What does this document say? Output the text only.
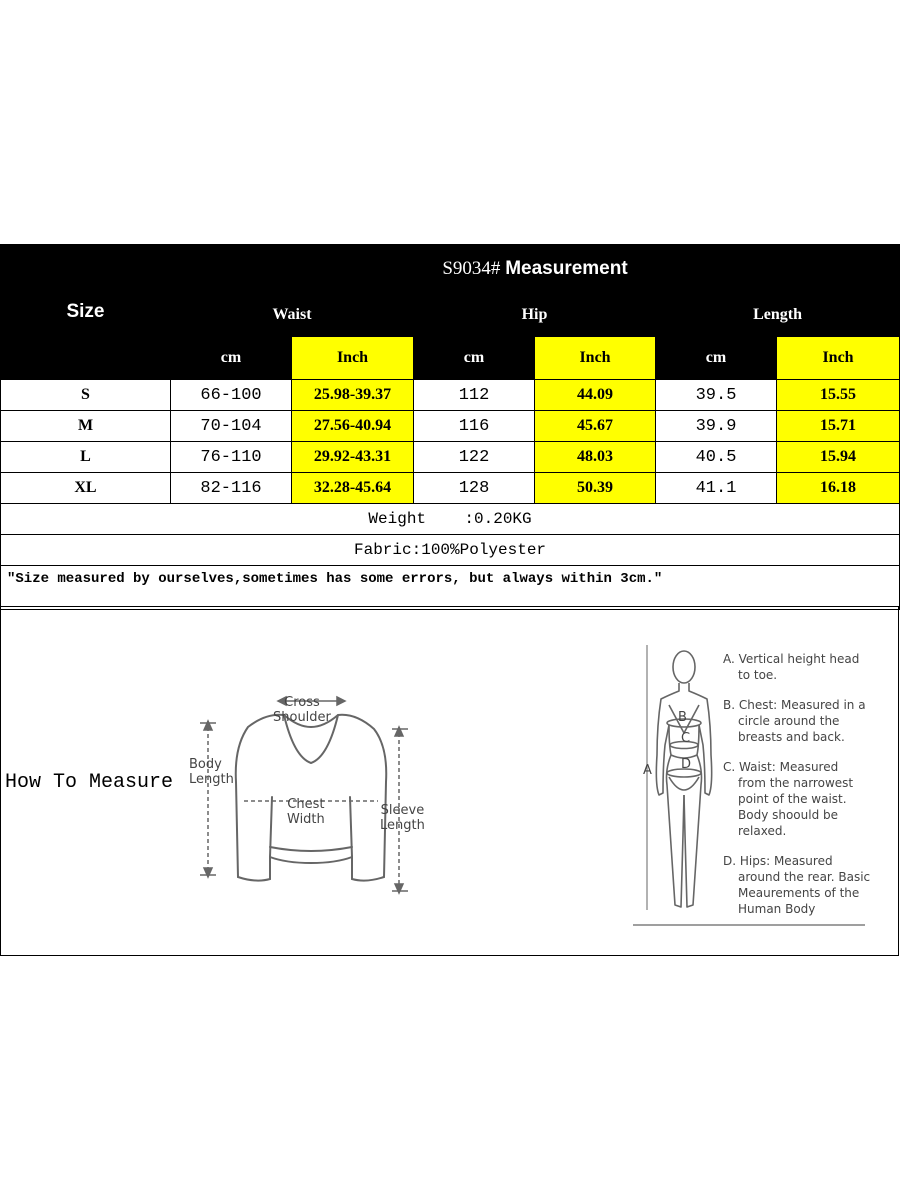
Size	S9034# Measurement					
	Waist		Hip		Length	
	cm	Inch	cm	Inch	cm	Inch
S	66-100	25.98-39.37	112	44.09	39.5	15.55
M	70-104	27.56-40.94	116	45.67	39.9	15.71
L	76-110	29.92-43.31	122	48.03	40.5	15.94
XL	82-116	32.28-45.64	128	50.39	41.1	16.18
Weight    :0.20KG						
Fabric:100%Polyester						
"Size measured by ourselves,sometimes has some errors, but always within 3cm."						
How To Measure
Cross
Shoulder
Body
Length
Chest
Width
Sleeve
Length
B
C
D
A

A. Vertical height head
to toe.

B. Chest: Measured in a
circle around the breasts and back.

C. Waist: Measured
from the narrowest point of the waist. Body shoould be relaxed.

D. Hips: Measured
around the rear. Basic Meaurements of the Human Body
